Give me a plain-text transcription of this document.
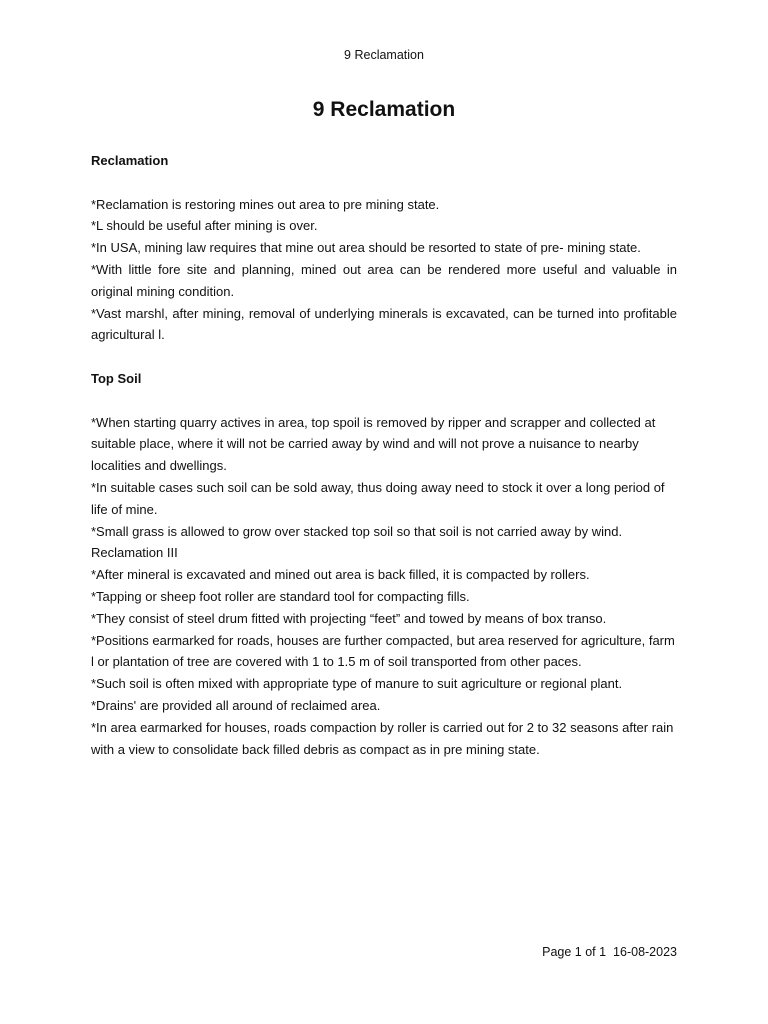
9 Reclamation
9 Reclamation

Reclamation

*Reclamation is restoring mines out area to pre mining state.

*L should be useful after mining is over.

*In USA, mining law requires that mine out area should be resorted to state of pre- mining state.

*With little fore site and planning, mined out area can be rendered more useful and valuable in original mining condition.

*Vast marshl, after mining, removal of underlying minerals is excavated, can be turned into profitable agricultural l.

Top Soil

*When starting quarry actives in area, top spoil is removed by ripper and scrapper and collected at suitable place, where it will not be carried away by wind and will not prove a nuisance to nearby localities and dwellings.

*In suitable cases such soil can be sold away, thus doing away need to stock it over a long period of life of mine.

*Small grass is allowed to grow over stacked top soil so that soil is not carried away by wind.

Reclamation III

*After mineral is excavated and mined out area is back filled, it is compacted by rollers.

*Tapping or sheep foot roller are standard tool for compacting fills.

*They consist of steel drum fitted with projecting “feet” and towed by means of box transo.

*Positions earmarked for roads, houses are further compacted, but area reserved for agriculture, farm l or plantation of tree are covered with 1 to 1.5 m of soil transported from other paces.

*Such soil is often mixed with appropriate type of manure to suit agriculture or regional plant.

*Drains' are provided all around of reclaimed area.

*In area earmarked for houses, roads compaction by roller is carried out for 2 to 32 seasons after rain with a view to consolidate back filled debris as compact as in pre mining state.

Page 1 of 1 16-08-2023
